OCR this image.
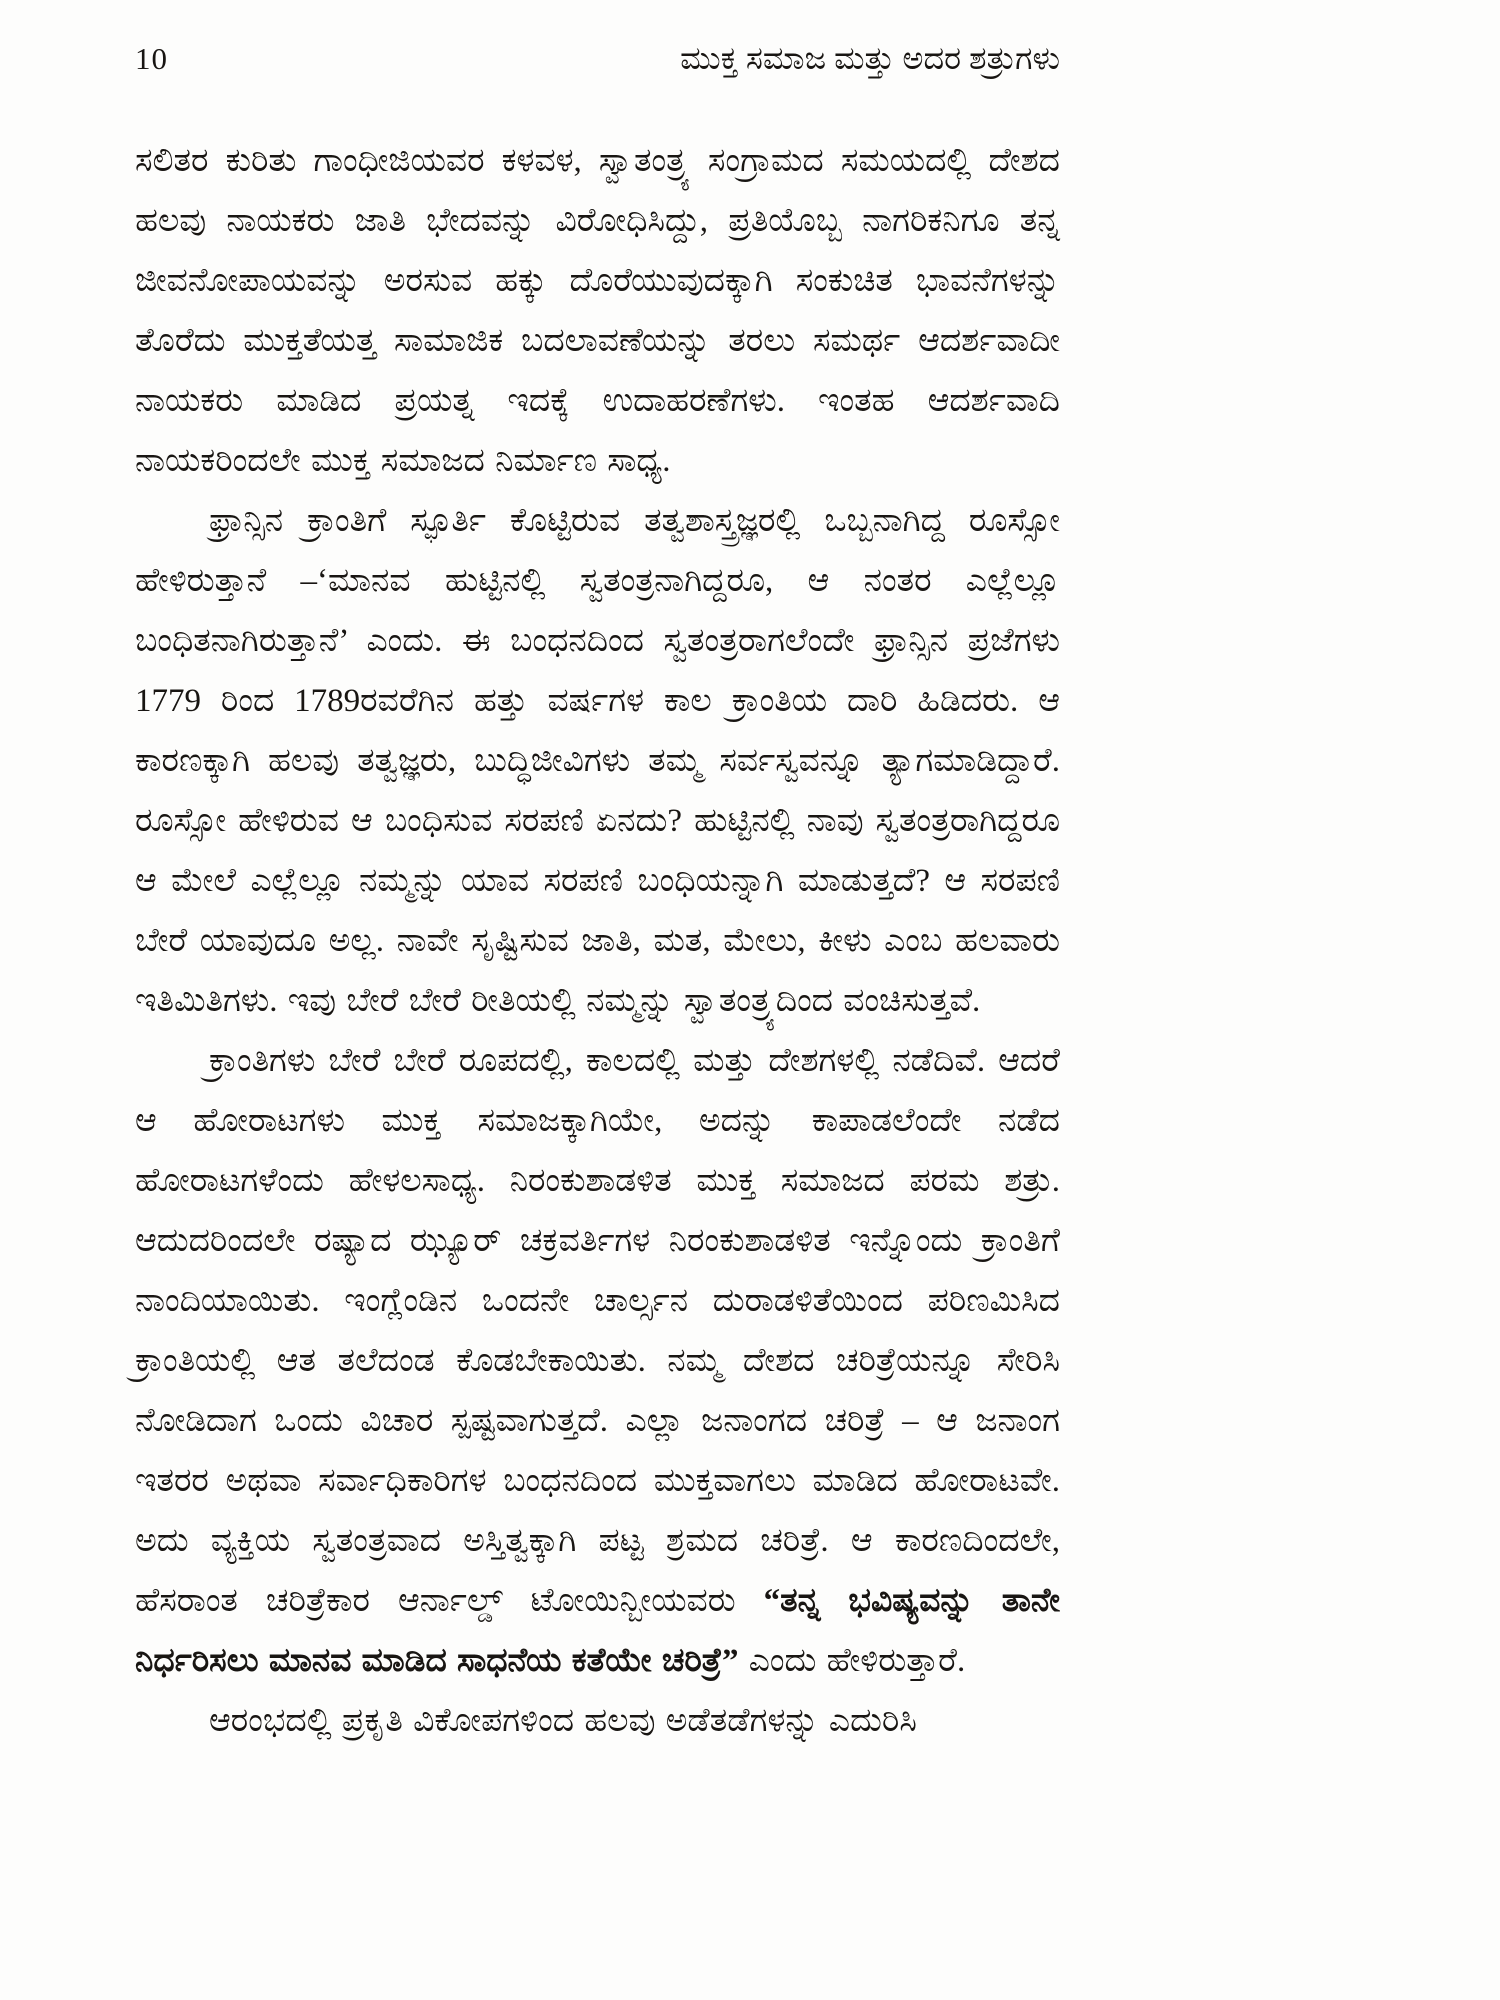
10	ಮುಕ್ತ ಸಮಾಜ ಮತ್ತು ಅದರ ಶತ್ರುಗಳು

ಸಲಿತರ ಕುರಿತು ಗಾಂಧೀಜಿಯವರ ಕಳವಳ, ಸ್ವಾತಂತ್ರ್ಯ ಸಂಗ್ರಾಮದ ಸಮಯದಲ್ಲಿ ದೇಶದ ಹಲವು ನಾಯಕರು ಜಾತಿ ಭೇದವನ್ನು ವಿರೋಧಿಸಿದ್ದು, ಪ್ರತಿಯೊಬ್ಬ ನಾಗರಿಕನಿಗೂ ತನ್ನ ಜೀವನೋಪಾಯವನ್ನು ಅರಸುವ ಹಕ್ಕು ದೊರೆಯುವುದಕ್ಕಾಗಿ ಸಂಕುಚಿತ ಭಾವನೆಗಳನ್ನು ತೊರೆದು ಮುಕ್ತತೆಯತ್ತ ಸಾಮಾಜಿಕ ಬದಲಾವಣೆಯನ್ನು ತರಲು ಸಮರ್ಥ ಆದರ್ಶವಾದೀ ನಾಯಕರು ಮಾಡಿದ ಪ್ರಯತ್ನ ಇದಕ್ಕೆ ಉದಾಹರಣೆಗಳು. ಇಂತಹ ಆದರ್ಶವಾದಿ ನಾಯಕರಿಂದಲೇ ಮುಕ್ತ ಸಮಾಜದ ನಿರ್ಮಾಣ ಸಾಧ್ಯ.

ಫ್ರಾನ್ಸಿನ ಕ್ರಾಂತಿಗೆ ಸ್ಫೂರ್ತಿ ಕೊಟ್ಟಿರುವ ತತ್ವಶಾಸ್ತ್ರಜ್ಞರಲ್ಲಿ ಒಬ್ಬನಾಗಿದ್ದ ರೂಸ್ಸೋ ಹೇಳಿರುತ್ತಾನೆ –‘ಮಾನವ ಹುಟ್ಟಿನಲ್ಲಿ ಸ್ವತಂತ್ರನಾಗಿದ್ದರೂ, ಆ ನಂತರ ಎಲ್ಲೆಲ್ಲೂ ಬಂಧಿತನಾಗಿರುತ್ತಾನೆ’ ಎಂದು. ಈ ಬಂಧನದಿಂದ ಸ್ವತಂತ್ರರಾಗಲೆಂದೇ ಫ್ರಾನ್ಸಿನ ಪ್ರಜೆಗಳು 1779 ರಿಂದ 1789ರವರೆಗಿನ ಹತ್ತು ವರ್ಷಗಳ ಕಾಲ ಕ್ರಾಂತಿಯ ದಾರಿ ಹಿಡಿದರು. ಆ ಕಾರಣಕ್ಕಾಗಿ ಹಲವು ತತ್ವಜ್ಞರು, ಬುದ್ಧಿಜೀವಿಗಳು ತಮ್ಮ ಸರ್ವಸ್ವವನ್ನೂ ತ್ಯಾಗಮಾಡಿದ್ದಾರೆ. ರೂಸ್ಸೋ ಹೇಳಿರುವ ಆ ಬಂಧಿಸುವ ಸರಪಣಿ ಏನದು? ಹುಟ್ಟಿನಲ್ಲಿ ನಾವು ಸ್ವತಂತ್ರರಾಗಿದ್ದರೂ ಆ ಮೇಲೆ ಎಲ್ಲೆಲ್ಲೂ ನಮ್ಮನ್ನು ಯಾವ ಸರಪಣಿ ಬಂಧಿಯನ್ನಾಗಿ ಮಾಡುತ್ತದೆ? ಆ ಸರಪಣಿ ಬೇರೆ ಯಾವುದೂ ಅಲ್ಲ. ನಾವೇ ಸೃಷ್ಟಿಸುವ ಜಾತಿ, ಮತ, ಮೇಲು, ಕೀಳು ಎಂಬ ಹಲವಾರು ಇತಿಮಿತಿಗಳು. ಇವು ಬೇರೆ ಬೇರೆ ರೀತಿಯಲ್ಲಿ ನಮ್ಮನ್ನು ಸ್ವಾತಂತ್ರ್ಯದಿಂದ ವಂಚಿಸುತ್ತವೆ.

ಕ್ರಾಂತಿಗಳು ಬೇರೆ ಬೇರೆ ರೂಪದಲ್ಲಿ, ಕಾಲದಲ್ಲಿ ಮತ್ತು ದೇಶಗಳಲ್ಲಿ ನಡೆದಿವೆ. ಆದರೆ ಆ ಹೋರಾಟಗಳು ಮುಕ್ತ ಸಮಾಜಕ್ಕಾಗಿಯೇ, ಅದನ್ನು ಕಾಪಾಡಲೆಂದೇ ನಡೆದ ಹೋರಾಟಗಳೆಂದು ಹೇಳಲಸಾಧ್ಯ. ನಿರಂಕುಶಾಡಳಿತ ಮುಕ್ತ ಸಮಾಜದ ಪರಮ ಶತ್ರು. ಆದುದರಿಂದಲೇ ರಷ್ಯಾದ ಝ್ಯೂರ್ ಚಕ್ರವರ್ತಿಗಳ ನಿರಂಕುಶಾಡಳಿತ ಇನ್ನೊಂದು ಕ್ರಾಂತಿಗೆ ನಾಂದಿಯಾಯಿತು. ಇಂಗ್ಲೆಂಡಿನ ಒಂದನೇ ಚಾರ್ಲ್ಸನ ದುರಾಡಳಿತೆಯಿಂದ ಪರಿಣಮಿಸಿದ ಕ್ರಾಂತಿಯಲ್ಲಿ ಆತ ತಲೆದಂಡ ಕೊಡಬೇಕಾಯಿತು. ನಮ್ಮ ದೇಶದ ಚರಿತ್ರೆಯನ್ನೂ ಸೇರಿಸಿ ನೋಡಿದಾಗ ಒಂದು ವಿಚಾರ ಸ್ಪಷ್ಟವಾಗುತ್ತದೆ. ಎಲ್ಲಾ ಜನಾಂಗದ ಚರಿತ್ರೆ – ಆ ಜನಾಂಗ ಇತರರ ಅಥವಾ ಸರ್ವಾಧಿಕಾರಿಗಳ ಬಂಧನದಿಂದ ಮುಕ್ತವಾಗಲು ಮಾಡಿದ ಹೋರಾಟವೇ. ಅದು ವ್ಯಕ್ತಿಯ ಸ್ವತಂತ್ರವಾದ ಅಸ್ತಿತ್ವಕ್ಕಾಗಿ ಪಟ್ಟ ಶ್ರಮದ ಚರಿತ್ರೆ. ಆ ಕಾರಣದಿಂದಲೇ, ಹೆಸರಾಂತ ಚರಿತ್ರೆಕಾರ ಆರ್ನಾಲ್ಡ್ ಟೋಯಿನ್ಬೀಯವರು “ತನ್ನ ಭವಿಷ್ಯವನ್ನು ತಾನೇ ನಿರ್ಧರಿಸಲು ಮಾನವ ಮಾಡಿದ ಸಾಧನೆಯ ಕತೆಯೇ ಚರಿತ್ರೆ” ಎಂದು ಹೇಳಿರುತ್ತಾರೆ.

ಆರಂಭದಲ್ಲಿ ಪ್ರಕೃತಿ ವಿಕೋಪಗಳಿಂದ ಹಲವು ಅಡೆತಡೆಗಳನ್ನು ಎದುರಿಸಿ
